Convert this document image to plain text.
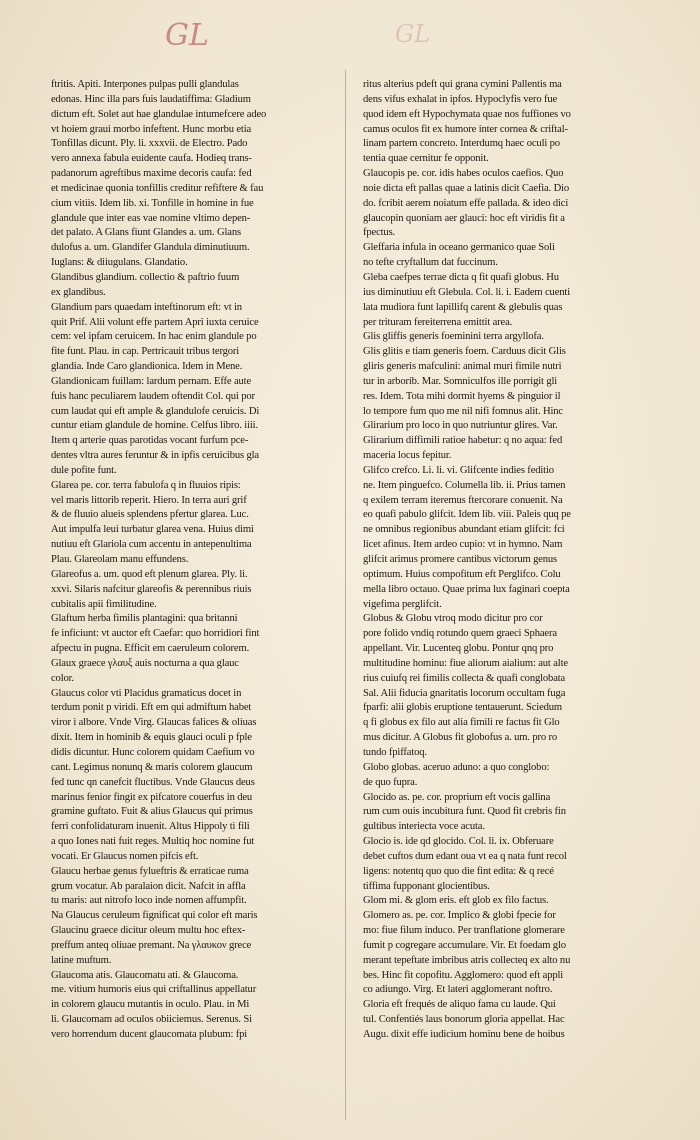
GL	GL
ftritis. Apiti. Interpones pulpas pulli glandulas
edonas. Hinc illa pars fuis laudatiffima: Gladium
dictum eft. Solet aut hae glandulae intumefcere adeo
vt hoiem graui morbo infeftent. Hunc morbu etia
Tonfillas dicunt. Ply. li. xxxvii. de Electro. Pado
vero annexa fabula euidente caufa. Hodieq trans-
padanorum agreftibus maxime decoris caufa: fed
et medicinae quonia tonfillis creditur refiftere & fau
cium vitiis. Idem lib. xi. Tonfille in homine in fue
glandule que inter eas vae nomine vltimo depen-
det palato. A Glans fiunt Glandes a. um. Glans
dulofus a. um. Glandifer Glandula diminutiuum.
Iuglans: & diiugulans. Glandatio.
Glandibus glandium. collectio & paftrio fuum
ex glandibus.
Glandium pars quaedam inteftinorum eft: vt in
quit Prif. Alii volunt effe partem Apri iuxta ceruice
cem: vel ipfam ceruicem. In hac enim glandule po
fite funt. Plau. in cap. Pertricauit tribus tergori
glandia. Inde Caro glandionica. Idem in Mene.
Glandionicam fuillam: lardum pernam. Effe aute
fuis hanc peculiarem laudem oftendit Col. qui por
cum laudat qui eft ample & glandulofe ceruicis. Di
cuntur etiam glandule de homine. Celfus libro. iiii.
Item q arterie quas parotidas vocant furfum pce-
dentes vltra aures feruntur & in ipfis ceruicibus gla
dule pofite funt.
Glarea pe. cor. terra fabulofa q in fluuios ripis:
vel maris littorib reperit. Hiero. In terra auri grif
& de fluuio alueis splendens pfertur glarea. Luc.
Aut impulfa leui turbatur glarea vena. Huius dimi
nutiuu eft Glariola cum accentu in antepenultima
Plau. Glareolam manu effundens.
Glareofus a. um. quod eft plenum glarea. Ply. li.
xxvi. Silaris nafcitur glareofis & perennibus riuis
cubitalis apii fimilitudine.
Glaftum herba fimilis plantagini: qua britanni
fe inficiunt: vt auctor eft Caefar: quo horridiori fint
afpectu in pugna. Efficit em caeruleum colorem.
Glaux graece γλαυξ auis nocturna a qua glauc
color.
Glaucus color vti Placidus gramaticus docet in
terdum ponit p viridi. Eft em qui admiftum habet
viror i albore. Vnde Virg. Glaucas falices & oliuas
dixit. Item in hominib & equis glauci oculi p fple
didis dicuntur. Hunc colorem quidam Caefium vo
cant. Legimus nonunq & maris colorem glaucum
fed tunc qn canefcit fluctibus. Vnde Glaucus deus
marinus fenior fingit ex pifcatore couerfus in deu
gramine guftato. Fuit & alius Glaucus qui primus
ferri confolidaturam inuenit. Altus Hippoly ti fili
a quo Iones nati fuit reges. Multiq hoc nomine fut
vocati. Er Glaucus nomen pifcis eft.
Glaucu herbae genus fylueftris & erraticae ruma
grum vocatur. Ab paralaion dicit. Nafcit in affla
tu maris: aut nitrofo loco inde nomen affumpfit.
Na Glaucus ceruleum fignificat qui color eft maris
Glaucinu graece dicitur oleum multu hoc eftex-
preffum anteq oliuae premant. Na γλαυκον grece
latine muftum.
Glaucoma atis. Glaucomatu ati. & Glaucoma.
me. vitium humoris eius qui criftallinus appellatur
in colorem glaucu mutantis in oculo. Plau. in Mi
li. Glaucomam ad oculos obiiciemus. Serenus. Si
vero horrendum ducent glaucomata plubum: fpi
ritus alterius pdeft qui grana cymini Pallentis ma
dens vifus exhalat in ipfos. Hypoclyfis vero fue
quod idem eft Hypochymata quae nos fuffiones vo
camus oculos fit ex humore inter cornea & criftal-
linam partem concreto. Interdumq haec oculi po
tentia quae cernitur fe opponit.
Glaucopis pe. cor. idis habes oculos caefios. Quo
noie dicta eft pallas quae a latinis dicit Caefia. Dio
do. fcribit aerem noiatum effe pallada. & ideo dici
glaucopin quoniam aer glauci: hoc eft viridis fit a
fpectus.
Gleffaria infula in oceano germanico quae Soli
no tefte cryftallum dat fuccinum.
Gleba caefpes terrae dicta q fit quafi globus. Hu
ius diminutiuu eft Glebula. Col. li. i. Eadem cuenti
lata mudiora funt lapillifq carent & glebulis quas
per trituram fereiterrena emittit area.
Glis gliffis generis foeminini terra argyllofa.
Glis glitis e tiam generis foem. Carduus dicit Glis
gliris generis mafculini: animal muri fimile nutri
tur in arborib. Mar. Somniculfos ille porrigit gli
res. Idem. Tota mihi dormit hyems & pinguior il
lo tempore fum quo me nil nifi fomnus alit. Hinc
Glirarium pro loco in quo nutriuntur glires. Var.
Glirarium diffimili ratioe habetur: q no aqua: fed
maceria locus fepitur.
Glifco crefco. Li. li. vi. Glifcente indies feditio
ne. Item pinguefco. Columella lib. ii. Prius tamen
q exilem terram iteremus ftercorare conuenit. Na
eo quafi pabulo glifcit. Idem lib. viii. Paleis quq pe
ne omnibus regionibus abundant etiam glifcit: fci
licet afinus. Item ardeo cupio: vt in hymno. Nam
glifcit arimus promere cantibus victorum genus
optimum. Huius compofitum eft Perglifco. Colu
mella libro octauo. Quae prima lux faginari coepta
vigefima perglifcit.
Globus & Globu vtroq modo dicitur pro cor
pore folido vndiq rotundo quem graeci Sphaera
appellant. Vir. Lucenteq globu. Pontur qnq pro
multitudine hominu: fiue aliorum aialium: aut alte
rius cuiufq rei fimilis collecta & quafi conglobata
Sal. Alii fiducia gnaritatis locorum occultam fuga
fparfi: alii globis eruptione tentauerunt. Sciedum
q fi globus ex filo aut alia fimili re factus fit Glo
mus dicitur. A Globus fit globofus a. um. pro ro
tundo fpiffatoq.
Globo globas. aceruo aduno: a quo conglobo:
de quo fupra.
Glocido as. pe. cor. proprium eft vocis gallina
rum cum ouis incubitura funt. Quod fit crebris fin
gultibus interiecta voce acuta.
Glocio is. ide qd glocido. Col. li. ix. Obferuare
debet cuftos dum edant oua vt ea q nata funt recol
ligens: notentq quo quo die fint edita: & q recé
tiffima fupponant glocientibus.
Glom mi. & glom eris. eft glob ex filo factus.
Glomero as. pe. cor. Implico & globi fpecie for
mo: fiue filum induco. Per tranflatione glomerare
fumit p cogregare accumulare. Vir. Et foedam glo
merant tepeftate imbribus atris collecteq ex alto nu
bes. Hinc fit copofitu. Agglomero: quod eft appli
co adiungo. Virg. Et lateri agglomerant noftro.
Gloria eft frequés de aliquo fama cu laude. Qui
tul. Confentiés laus bonorum gloria appellat. Hac
Augu. dixit effe iudicium hominu bene de hoibus
